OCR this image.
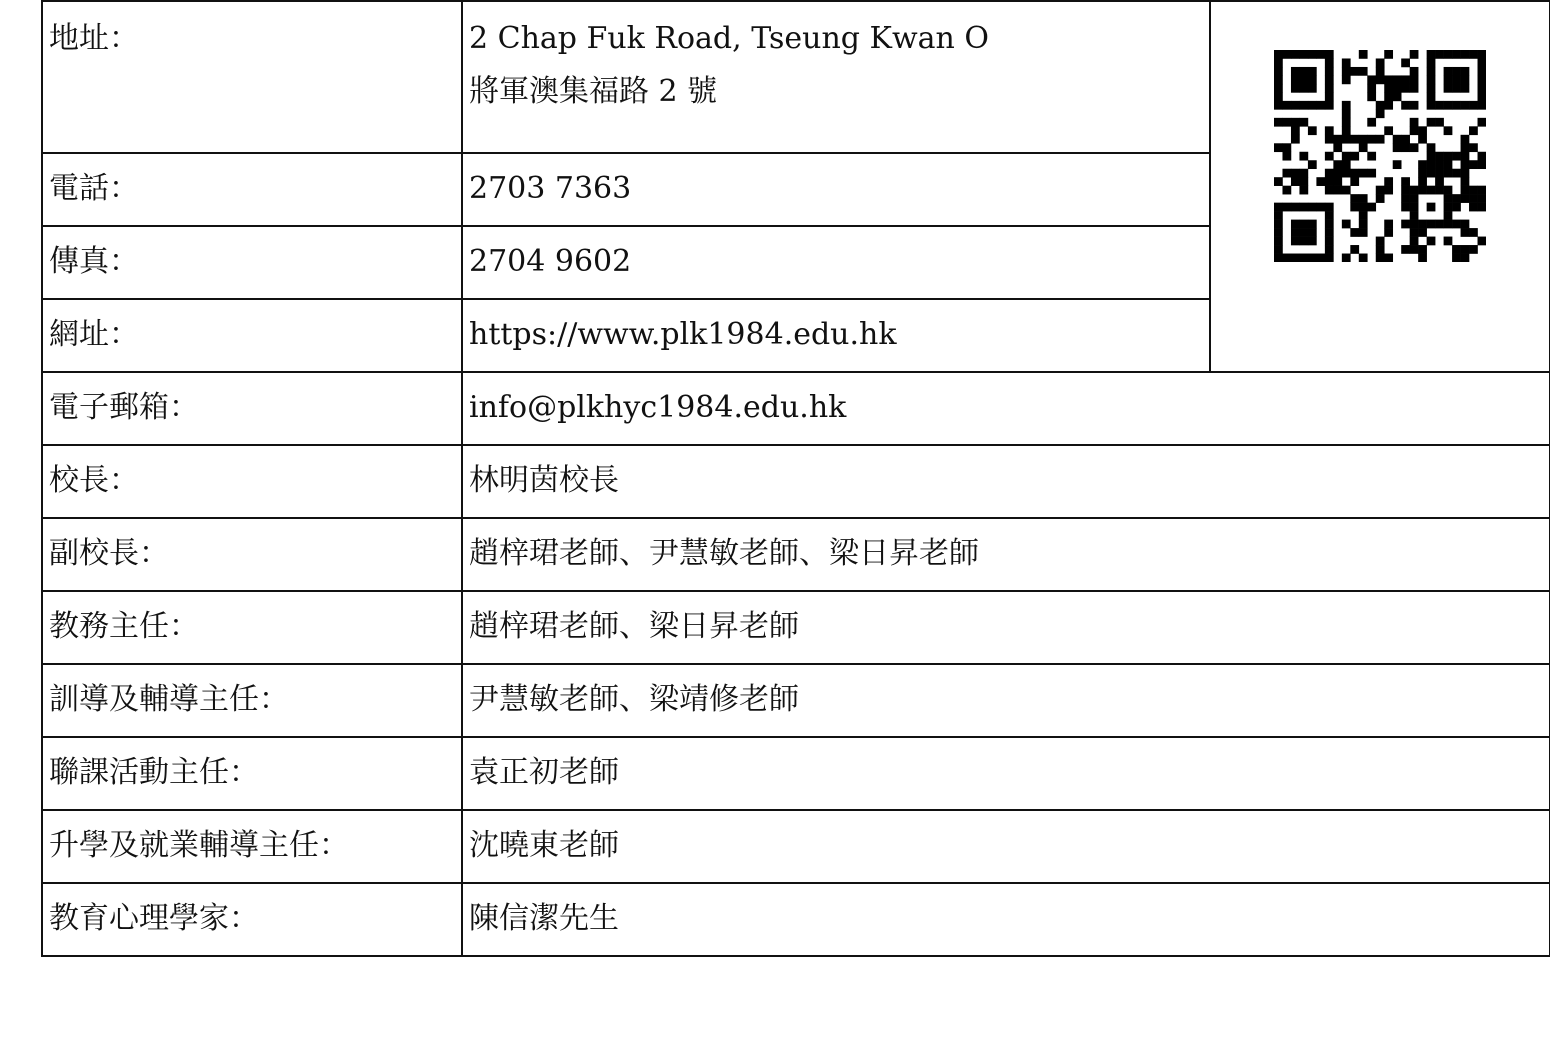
地址：	2 Chap Fuk Road, Tseung Kwan O
將軍澳集福路 2 號

電話：	2703 7363	
傳真：	2704 9602	
網址：	https://www.plk1984.edu.hk	
電子郵箱：	info@plkhyc1984.edu.hk	
校長：	林明茵校長	
副校長：	趙梓珺老師、尹慧敏老師、梁日昇老師	
教務主任：	趙梓珺老師、梁日昇老師	
訓導及輔導主任：	尹慧敏老師、梁靖修老師	
聯課活動主任：	袁正初老師	
升學及就業輔導主任：	沈曉東老師	
教育心理學家：	陳信潔先生	
